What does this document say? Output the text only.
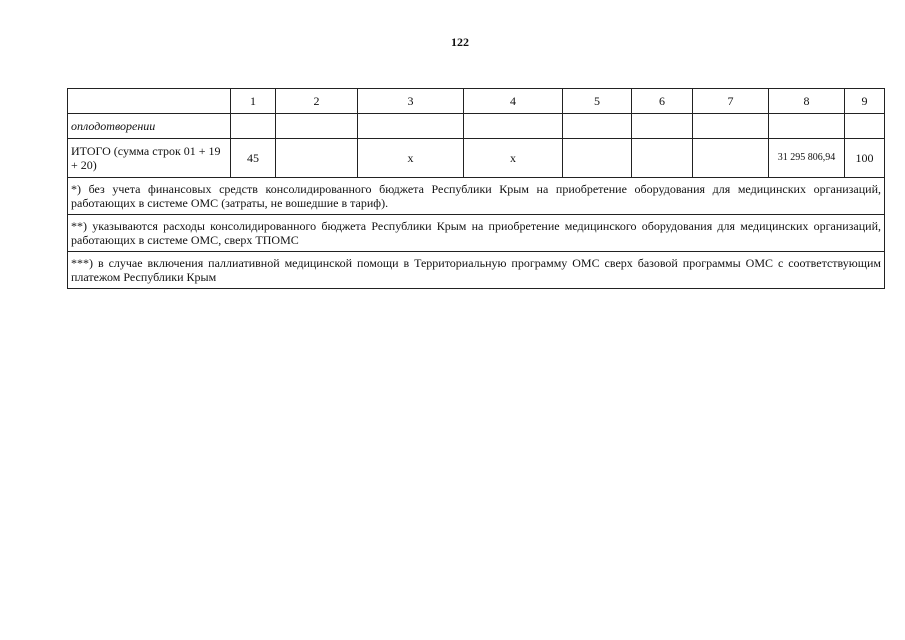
122
	1	2	3	4	5	6	7	8	9
оплодотворении									
ИТОГО (сумма строк 01 + 19 + 20)	45		x	x				31 295 806,94	100
*) без учета финансовых средств консолидированного бюджета Республики Крым на приобретение оборудования для медицинских организаций, работающих в системе ОМС (затраты, не вошедшие в тариф).									
**) указываются расходы консолидированного бюджета Республики Крым на приобретение медицинского оборудования для медицинских организаций, работающих в системе ОМС, сверх ТПОМС									
***) в случае включения паллиативной медицинской помощи в Территориальную программу ОМС сверх базовой программы ОМС с соответствующим платежом Республики Крым									
